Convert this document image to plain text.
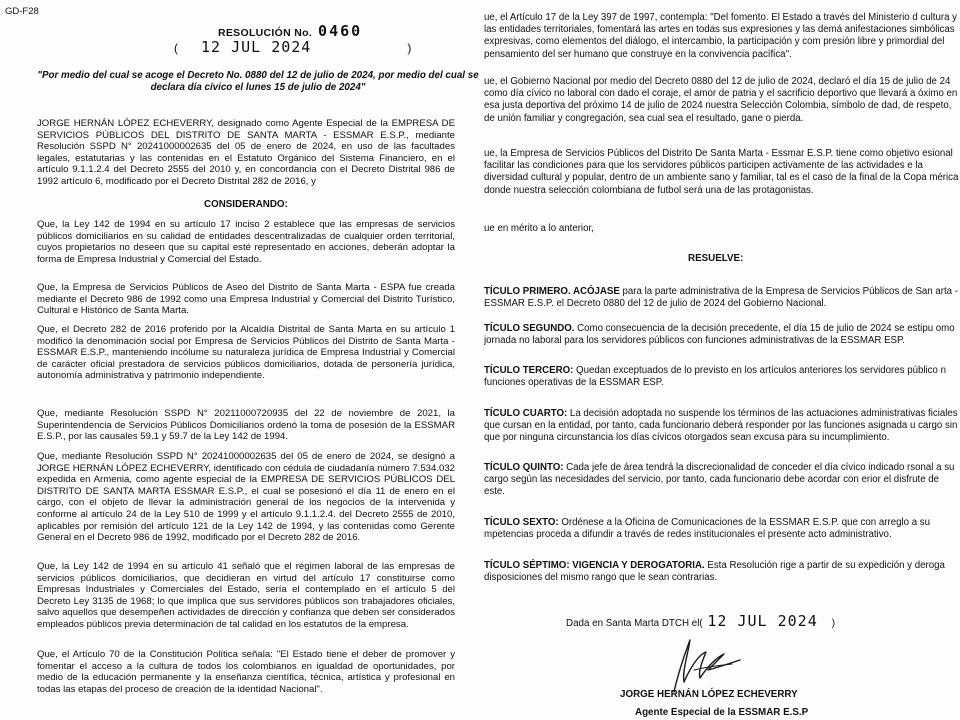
GD-F28
RESOLUCIÓN No. 0460
( 12 JUL 2024	)

"Por medio del cual se acoge el Decreto No. 0880 del 12 de julio de 2024, por medio del cual se declara día cívico el lunes 15 de julio de 2024"

JORGE HERNÁN LÓPEZ ECHEVERRY, designado como Agente Especial de la EMPRESA DE SERVICIOS PÚBLICOS DEL DISTRITO DE SANTA MARTA - ESSMAR E.S.P., mediante Resolución SSPD N° 20241000002635 del 05 de enero de 2024, en uso de las facultades legales, estatutarias y las contenidas en el Estatuto Orgánico del Sistema Financiero, en el artículo 9.1.1.2.4 del Decreto 2555 del 2010 y, en concordancia con el Decreto Distrital 986 de 1992 artículo 6, modificado por el Decreto Distrital 282 de 2016, y

CONSIDERANDO:

Que, la Ley 142 de 1994 en su artículo 17 inciso 2 establece que las empresas de servicios públicos domiciliarios en su calidad de entidades descentralizadas de cualquier orden territorial, cuyos propietarios no deseen que su capital esté representado en acciones, deberán adoptar la forma de Empresa Industrial y Comercial del Estado.

Que, la Empresa de Servicios Públicos de Aseo del Distrito de Santa Marta - ESPA fue creada mediante el Decreto 986 de 1992 como una Empresa Industrial y Comercial del Distrito Turístico, Cultural e Histórico de Santa Marta.

Que, el Decreto 282 de 2016 proferido por la Alcaldía Distrital de Santa Marta en su artículo 1 modificó la denominación social por Empresa de Servicios Públicos del Distrito de Santa Marta - ESSMAR E.S.P., manteniendo incólume su naturaleza jurídica de Empresa Industrial y Comercial de carácter oficial prestadora de servicios públicos domiciliarios, dotada de personería jurídica, autonomía administrativa y patrimonio independiente.

Que, mediante Resolución SSPD N° 20211000720935 del 22 de noviembre de 2021, la Superintendencia de Servicios Públicos Domiciliarios ordenó la toma de posesión de la ESSMAR E.S.P., por las causales 59.1 y 59.7 de la Ley 142 de 1994.

Que, mediante Resolución SSPD N° 20241000002635 del 05 de enero de 2024, se designó a JORGE HERNÁN LÓPEZ ECHEVERRY, identificado con cédula de ciudadanía número 7.534.032 expedida en Armenia, como agente especial de la EMPRESA DE SERVICIOS PÚBLICOS DEL DISTRITO DE SANTA MARTA ESSMAR E.S.P., el cual se posesionó el día 11 de enero en el cargo, con el objeto de llevar la administración general de los negocios de la intervenida y conforme al artículo 24 de la Ley 510 de 1999 y el artículo 9.1.1.2.4. del Decreto 2555 de 2010, aplicables por remisión del artículo 121 de la Ley 142 de 1994, y las contenidas como Gerente General en el Decreto 986 de 1992, modificado por el Decreto 282 de 2016.

Que, la Ley 142 de 1994 en su artículo 41 señaló que el régimen laboral de las empresas de servicios públicos domiciliarios, que decidieran en virtud del artículo 17 constituirse como Empresas Industriales y Comerciales del Estado, sería el contemplado en el artículo 5 del Decreto Ley 3135 de 1968; lo que implica que sus servidores públicos son trabajadores oficiales, salvo aquellos que desempeñen actividades de dirección y confianza que deben ser considerados empleados públicos previa determinación de tal calidad en los estatutos de la empresa.

Que, el Artículo 70 de la Constitución Política señala: "El Estado tiene el deber de promover y fomentar el acceso a la cultura de todos los colombianos en igualdad de oportunidades, por medio de la educación permanente y la enseñanza científica, técnica, artística y profesional en todas las etapas del proceso de creación de la identidad Nacional".

ue, el Artículo 17 de la Ley 397 de 1997, contempla: "Del fomento. El Estado a través del Ministerio d cultura y las entidades territoriales, fomentará las artes en todas sus expresiones y las demá anifestaciones simbólicas expresivas, como elementos del diálogo, el intercambio, la participación y com presión libre y primordial del pensamiento del ser humano que construye en la convivencia pacífica".

ue, el Gobierno Nacional por medio del Decreto 0880 del 12 de julio de 2024, declaró el día 15 de julio de 24 como día cívico no laboral con dado el coraje, el amor de patria y el sacrificio deportivo que llevará a óximo en esa justa deportiva del próximo 14 de julio de 2024 nuestra Selección Colombia, símbolo de dad, de respeto, de unión familiar y congregación, sea cual sea el resultado, gane o pierda.

ue, la Empresa de Servicios Públicos del Distrito De Santa Marta - Essmar E.S.P. tiene como objetivo esional facilitar las condiciones para que los servidores públicos participen activamente de las actividades e la diversidad cultural y popular, dentro de un ambiente sano y familiar, tal es el caso de la final de la Copa mérica donde nuestra selección colombiana de futbol será una de las protagonistas.

ue en mérito a lo anterior,

RESUELVE:

TÍCULO PRIMERO. ACÓJASE para la parte administrativa de la Empresa de Servicios Públicos de San arta - ESSMAR E.S.P. el Decreto 0880 del 12 de julio de 2024 del Gobierno Nacional.

TÍCULO SEGUNDO. Como consecuencia de la decisión precedente, el día 15 de julio de 2024 se estipu omo jornada no laboral para los servidores públicos con funciones administrativas de la ESSMAR ESP.

TÍCULO TERCERO: Quedan exceptuados de lo previsto en los artículos anteriores los servidores público n funciones operativas de la ESSMAR ESP.

TÍCULO CUARTO: La decisión adoptada no suspende los términos de las actuaciones administrativas ficiales que cursan en la entidad, por tanto, cada funcionario deberá responder por las funciones asignada u cargo sin que por ninguna circunstancia los días cívicos otorgados sean excusa para su incumplimiento.

TÍCULO QUINTO: Cada jefe de área tendrá la discrecionalidad de conceder el día cívico indicado rsonal a su cargo según las necesidades del servicio, por tanto, cada funcionario debe acordar con erior el disfrute de este.

TÍCULO SEXTO: Ordénese a la Oficina de Comunicaciones de la ESSMAR E.S.P. que con arreglo a su mpetencias proceda a difundir a través de redes institucionales el presente acto administrativo.

TÍCULO SÉPTIMO: VIGENCIA Y DEROGATORIA. Esta Resolución rige a partir de su expedición y deroga disposiciones del mismo rango que le sean contrarias.

Dada en Santa Marta DTCH el( 12 JUL 2024 )
JORGE HERNÁN LÓPEZ ECHEVERRY
Agente Especial de la ESSMAR E.S.P
